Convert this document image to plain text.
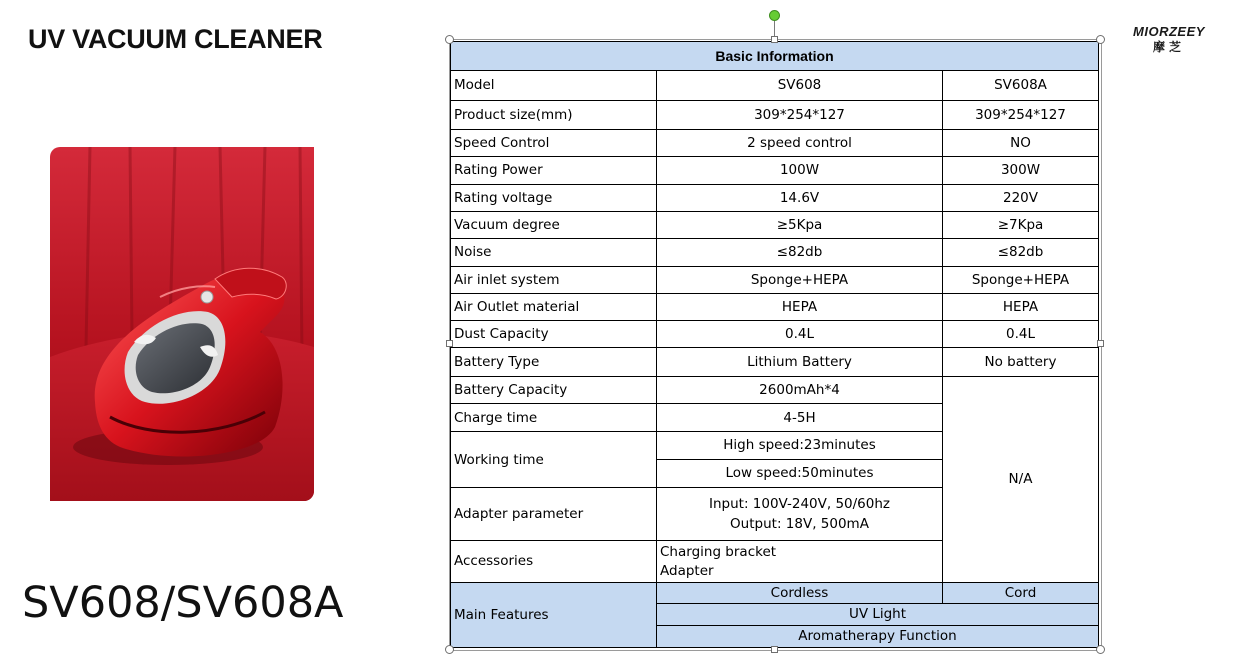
UV VACUUM CLEANER	MIORZEEY
摩芝
SV608/SV608A
Basic Information		
Model	SV608	SV608A
Product size(mm)	309*254*127	309*254*127
Speed Control	2 speed control	NO
Rating Power	100W	300W
Rating voltage	14.6V	220V
Vacuum degree	≥5Kpa	≥7Kpa
Noise	≤82db	≤82db
Air inlet system	Sponge+HEPA	Sponge+HEPA
Air Outlet material	HEPA	HEPA
Dust Capacity	0.4L	0.4L
Battery Type	Lithium Battery	No battery
Battery Capacity	2600mAh*4	N/A
Charge time	4-5H	
Working time	High speed:23minutes	
	Low speed:50minutes	
Adapter parameter	Input: 100V-240V, 50/60hz
Output: 18V, 500mA	

Accessories	Charging bracket
Adapter	

Main Features	Cordless	Cord
	UV Light	
	Aromatherapy Function	
